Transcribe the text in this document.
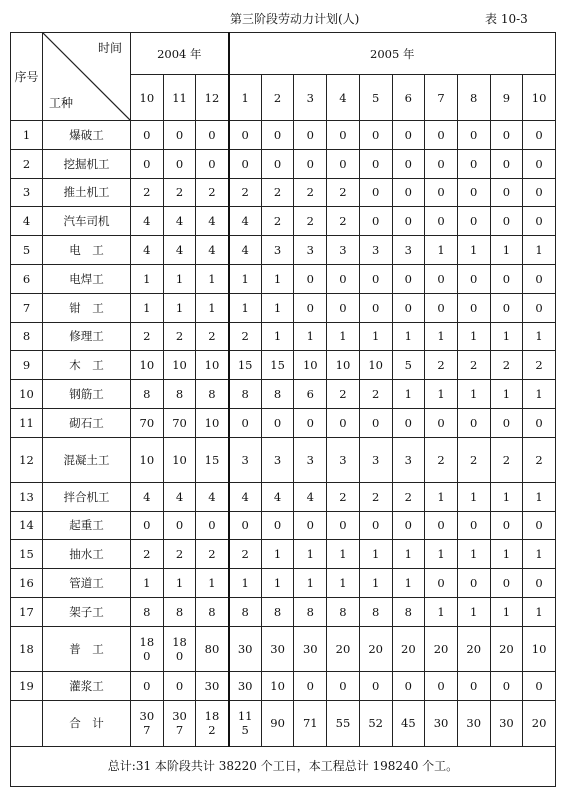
第三阶段劳动力计划(人)	表 10-3
序号	时间
工种	2004 年			2005 年									
		10	11	12	1	2	3	4	5	6	7	8	9	10
1	爆破工	0	0	0	0	0	0	0	0	0	0	0	0	0
2	挖掘机工	0	0	0	0	0	0	0	0	0	0	0	0	0
3	推土机工	2	2	2	2	2	2	2	0	0	0	0	0	0
4	汽车司机	4	4	4	4	2	2	2	0	0	0	0	0	0
5	电　工	4	4	4	4	3	3	3	3	3	1	1	1	1
6	电焊工	1	1	1	1	1	0	0	0	0	0	0	0	0
7	钳　工	1	1	1	1	1	0	0	0	0	0	0	0	0
8	修理工	2	2	2	2	1	1	1	1	1	1	1	1	1
9	木　工	10	10	10	15	15	10	10	10	5	2	2	2	2
10	钢筋工	8	8	8	8	8	6	2	2	1	1	1	1	1
11	砌石工	70	70	10	0	0	0	0	0	0	0	0	0	0
12	混凝土工	10	10	15	3	3	3	3	3	3	2	2	2	2
13	拌合机工	4	4	4	4	4	4	2	2	2	1	1	1	1
14	起重工	0	0	0	0	0	0	0	0	0	0	0	0	0
15	抽水工	2	2	2	2	1	1	1	1	1	1	1	1	1
16	管道工	1	1	1	1	1	1	1	1	1	0	0	0	0
17	架子工	8	8	8	8	8	8	8	8	8	1	1	1	1
18	普　工	180	180	80	30	30	30	20	20	20	20	20	20	10
19	灌浆工	0	0	30	30	10	0	0	0	0	0	0	0	0
	合　计	307	307	182	115	90	71	55	52	45	30	30	30	20
总计:31 本阶段共计 38220 个工日，本工程总计 198240 个工。														
